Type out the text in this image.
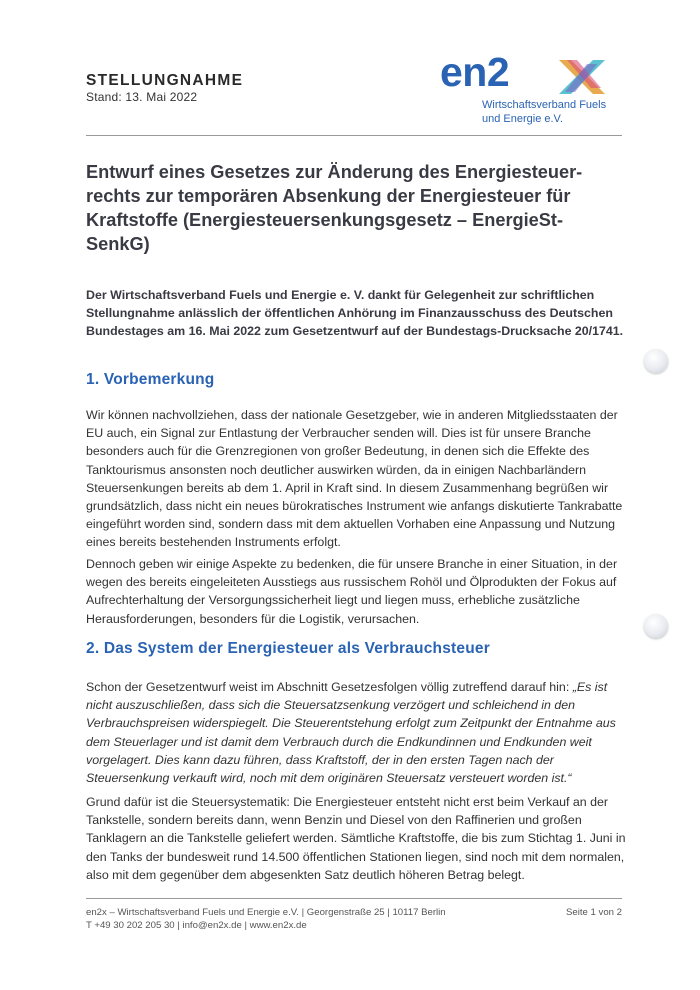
STELLUNGNAHME
Stand: 13. Mai 2022
en2
Wirtschaftsverband Fuels
und Energie e.V.
Entwurf eines Gesetzes zur Änderung des Energiesteuer-rechts zur temporären Absenkung der Energiesteuer für Kraftstoffe (Energiesteuersenkungsgesetz – EnergieSt-SenkG)

Der Wirtschaftsverband Fuels und Energie e. V. dankt für Gelegenheit zur schriftlichen Stellungnahme anlässlich der öffentlichen Anhörung im Finanzausschuss des Deutschen Bundestages am 16. Mai 2022 zum Gesetzentwurf auf der Bundestags-Drucksache 20/1741.

1. Vorbemerkung

Wir können nachvollziehen, dass der nationale Gesetzgeber, wie in anderen Mitgliedsstaaten der EU auch, ein Signal zur Entlastung der Verbraucher senden will. Dies ist für unsere Branche besonders auch für die Grenzregionen von großer Bedeutung, in denen sich die Effekte des Tanktourismus ansonsten noch deutlicher auswirken würden, da in einigen Nachbarländern Steuersenkungen bereits ab dem 1. April in Kraft sind. In diesem Zusammenhang begrüßen wir grundsätzlich, dass nicht ein neues bürokratisches Instrument wie anfangs diskutierte Tankrabatte eingeführt worden sind, sondern dass mit dem aktuellen Vorhaben eine Anpassung und Nutzung eines bereits bestehenden Instruments erfolgt.

Dennoch geben wir einige Aspekte zu bedenken, die für unsere Branche in einer Situation, in der wegen des bereits eingeleiteten Ausstiegs aus russischem Rohöl und Ölprodukten der Fokus auf Aufrechterhaltung der Versorgungssicherheit liegt und liegen muss, erhebliche zusätzliche Herausforderungen, besonders für die Logistik, verursachen.

2. Das System der Energiesteuer als Verbrauchsteuer

Schon der Gesetzentwurf weist im Abschnitt Gesetzesfolgen völlig zutreffend darauf hin: „Es ist nicht auszuschließen, dass sich die Steuersatzsenkung verzögert und schleichend in den Verbrauchspreisen widerspiegelt. Die Steuerentstehung erfolgt zum Zeitpunkt der Entnahme aus dem Steuerlager und ist damit dem Verbrauch durch die Endkundinnen und Endkunden weit vorgelagert. Dies kann dazu führen, dass Kraftstoff, der in den ersten Tagen nach der Steuersenkung verkauft wird, noch mit dem originären Steuersatz versteuert worden ist.“

Grund dafür ist die Steuersystematik: Die Energiesteuer entsteht nicht erst beim Verkauf an der Tankstelle, sondern bereits dann, wenn Benzin und Diesel von den Raffinerien und großen Tanklagern an die Tankstelle geliefert werden. Sämtliche Kraftstoffe, die bis zum Stichtag 1. Juni in den Tanks der bundesweit rund 14.500 öffentlichen Stationen liegen, sind noch mit dem normalen, also mit dem gegenüber dem abgesenkten Satz deutlich höheren Betrag belegt.

en2x – Wirtschaftsverband Fuels und Energie e.V. | Georgenstraße 25 | 10117 Berlin
T +49 30 202 205 30 | info@en2x.de | www.en2x.de
Seite 1 von 2
